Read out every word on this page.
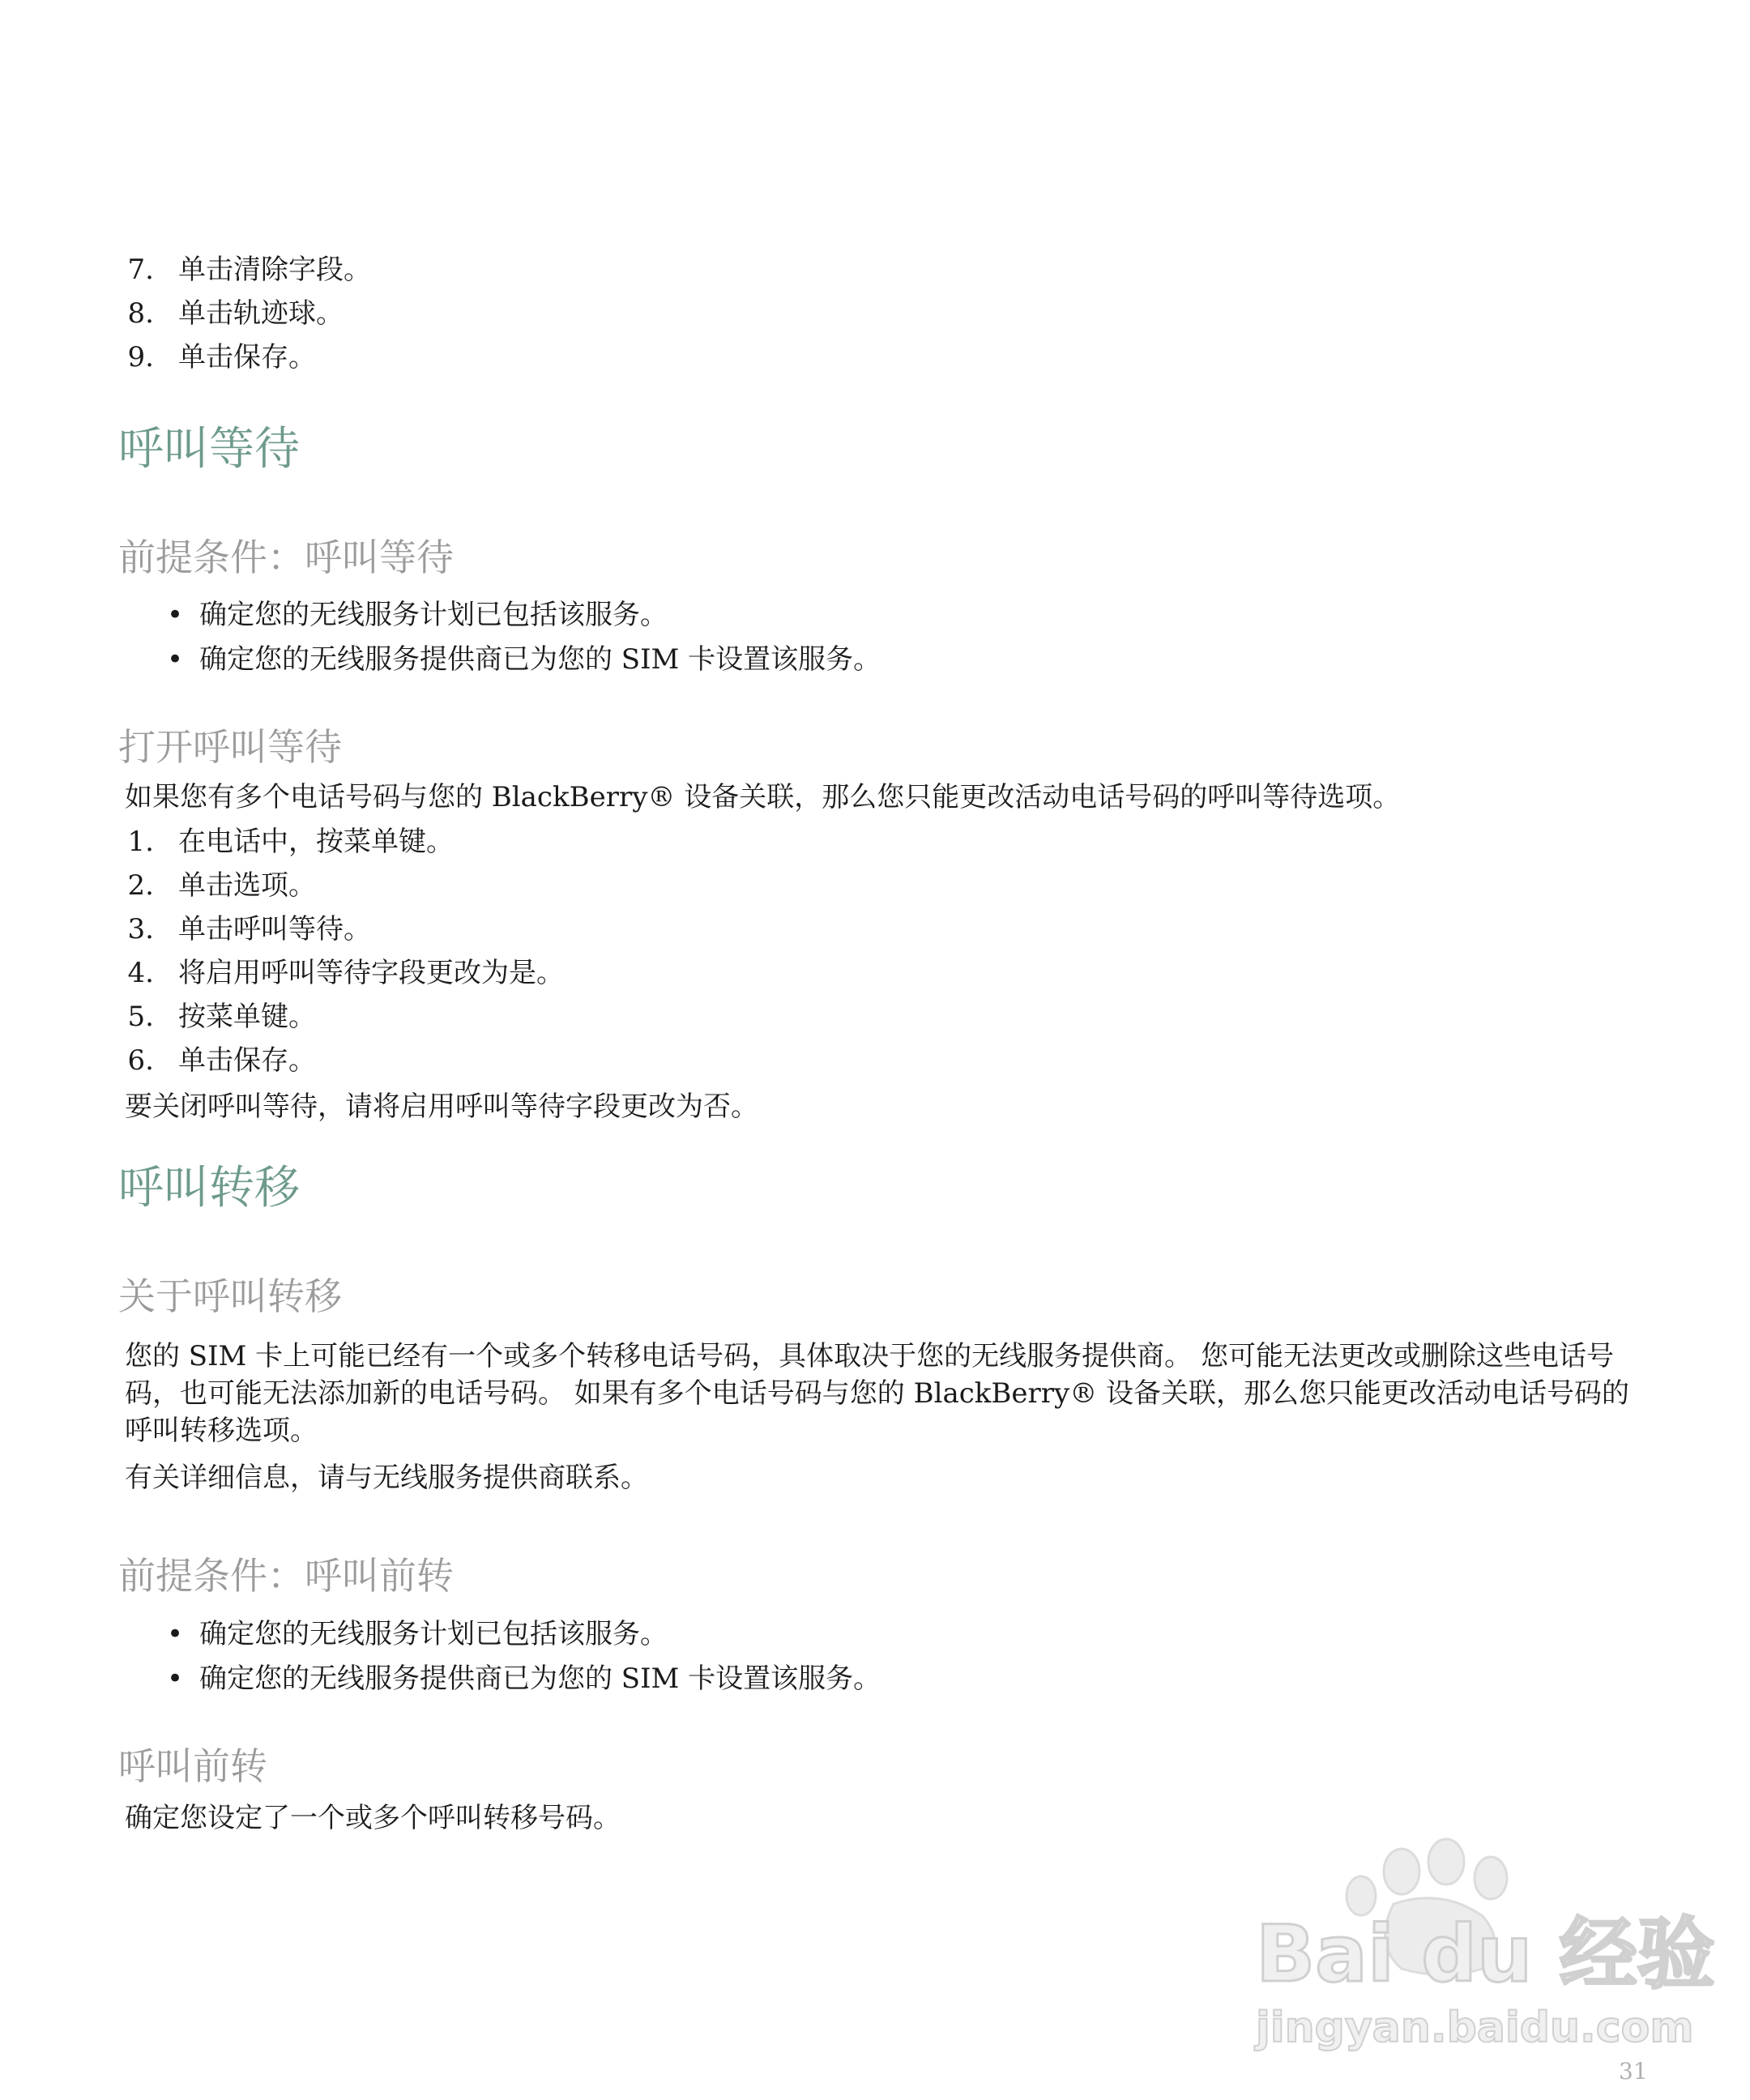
7. 单击清除字段。
8. 单击轨迹球。
9. 单击保存。
呼叫等待
前提条件：呼叫等待
• 确定您的无线服务计划已包括该服务。
• 确定您的无线服务提供商已为您的 SIM 卡设置该服务。
打开呼叫等待
如果您有多个电话号码与您的 BlackBerry® 设备关联，那么您只能更改活动电话号码的呼叫等待选项。
1. 在电话中，按菜单键。
2. 单击选项。
3. 单击呼叫等待。
4. 将启用呼叫等待字段更改为是。
5. 按菜单键。
6. 单击保存。
要关闭呼叫等待，请将启用呼叫等待字段更改为否。
呼叫转移
关于呼叫转移
您的 SIM 卡上可能已经有一个或多个转移电话号码，具体取决于您的无线服务提供商。 您可能无法更改或删除这些电话号码，也可能无法添加新的电话号码。 如果有多个电话号码与您的 BlackBerry® 设备关联，那么您只能更改活动电话号码的呼叫转移选项。
有关详细信息，请与无线服务提供商联系。
前提条件：呼叫前转
• 确定您的无线服务计划已包括该服务。
• 确定您的无线服务提供商已为您的 SIM 卡设置该服务。
呼叫前转
确定您设定了一个或多个呼叫转移号码。
Bai du 经验
jingyan.baidu.com
31
